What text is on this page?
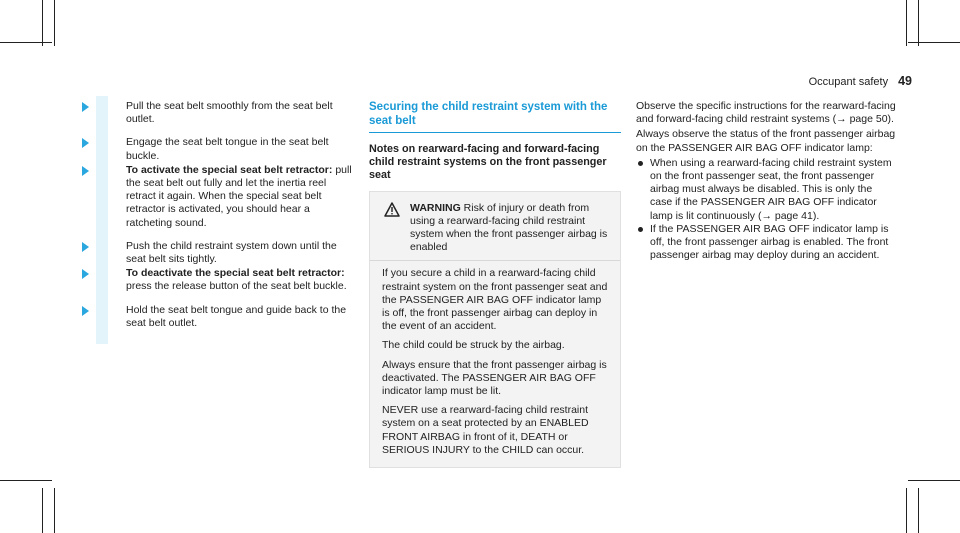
Occupant safety 49
Pull the seat belt smoothly from the seat belt outlet.
Engage the seat belt tongue in the seat belt buckle.
To activate the special seat belt retractor: pull the seat belt out fully and let the inertia reel retract it again. When the special seat belt retractor is activated, you should hear a ratcheting sound.
Push the child restraint system down until the seat belt sits tightly.
To deactivate the special seat belt retractor: press the release button of the seat belt buckle.
Hold the seat belt tongue and guide back to the seat belt outlet.
Securing the child restraint system with the seat belt
Notes on rearward-facing and forward-facing child restraint systems on the front passenger seat
WARNING Risk of injury or death from using a rearward-facing child restraint system when the front passenger airbag is enabled

If you secure a child in a rearward-facing child restraint system on the front passenger seat and the PASSENGER AIR BAG OFF indicator lamp is off, the front passenger airbag can deploy in the event of an accident.

The child could be struck by the airbag.

Always ensure that the front passenger airbag is deactivated. The PASSENGER AIR BAG OFF indicator lamp must be lit.

NEVER use a rearward-facing child restraint system on a seat protected by an ENABLED FRONT AIRBAG in front of it, DEATH or SERIOUS INJURY to the CHILD can occur.

Observe the specific instructions for the rearward-facing and forward-facing child restraint systems (→ page 50).

Always observe the status of the front passenger airbag on the PASSENGER AIR BAG OFF indicator lamp:

When using a rearward-facing child restraint system on the front passenger seat, the front passenger airbag must always be disabled. This is only the case if the PASSENGER AIR BAG OFF indicator lamp is lit continuously (→ page 41).
If the PASSENGER AIR BAG OFF indicator lamp is off, the front passenger airbag is enabled. The front passenger airbag may deploy during an accident.
